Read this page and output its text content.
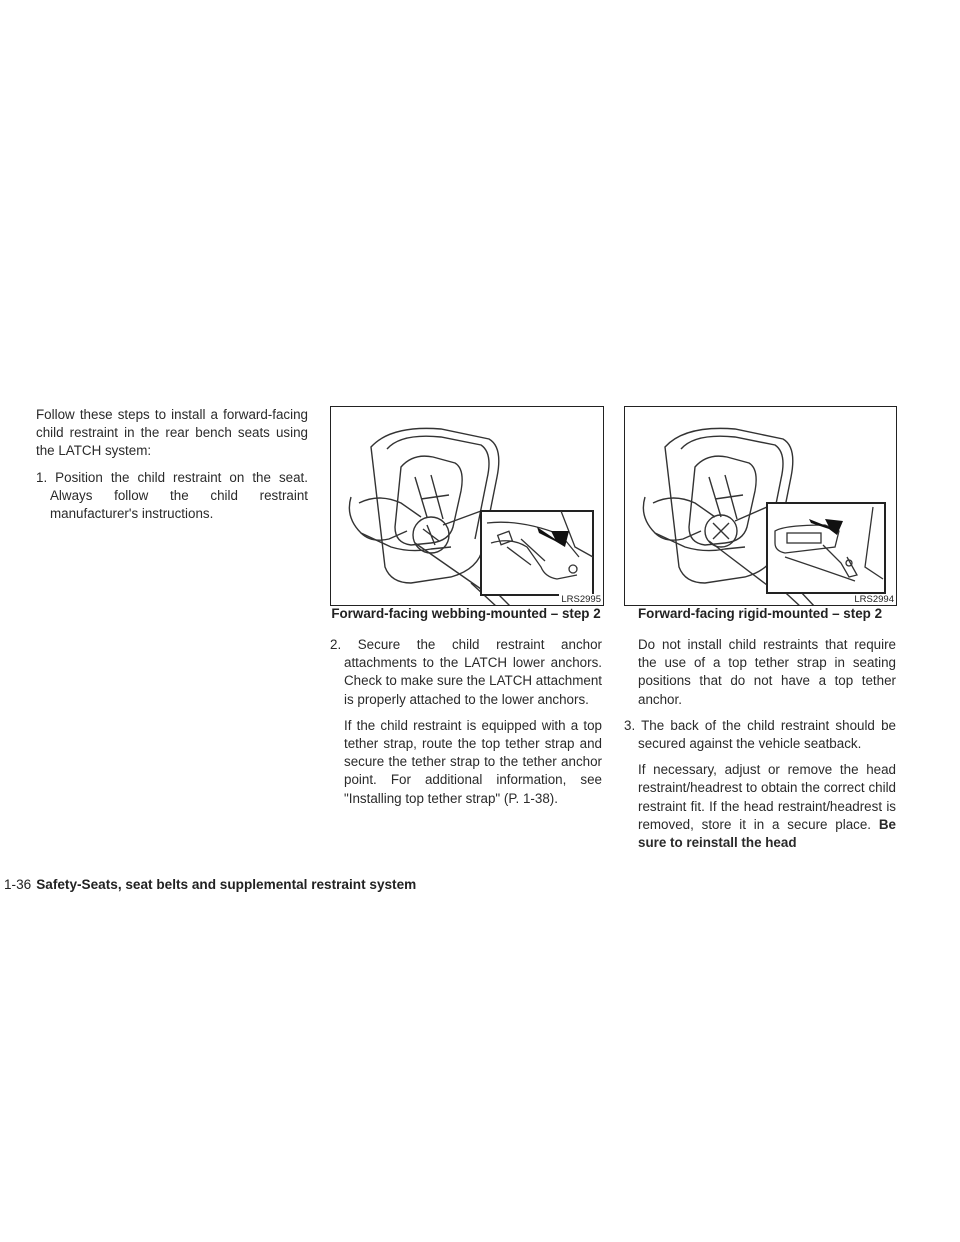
Follow these steps to install a forward-facing child restraint in the rear bench seats using the LATCH system:

1. Position the child restraint on the seat. Always follow the child restraint manufacturer's instructions.

LRS2995
Forward-facing webbing-mounted – step 2
LRS2994
Forward-facing rigid-mounted – step 2

2. Secure the child restraint anchor attachments to the LATCH lower anchors. Check to make sure the LATCH attachment is properly attached to the lower anchors.

If the child restraint is equipped with a top tether strap, route the top tether strap and secure the tether strap to the tether anchor point. For additional information, see "Installing top tether strap" (P. 1-38).

Do not install child restraints that require the use of a top tether strap in seating positions that do not have a top tether anchor.

3. The back of the child restraint should be secured against the vehicle seatback.

If necessary, adjust or remove the head restraint/headrest to obtain the correct child restraint fit. If the head restraint/headrest is removed, store it in a secure place. Be sure to reinstall the head

1-36 Safety-Seats, seat belts and supplemental restraint system
